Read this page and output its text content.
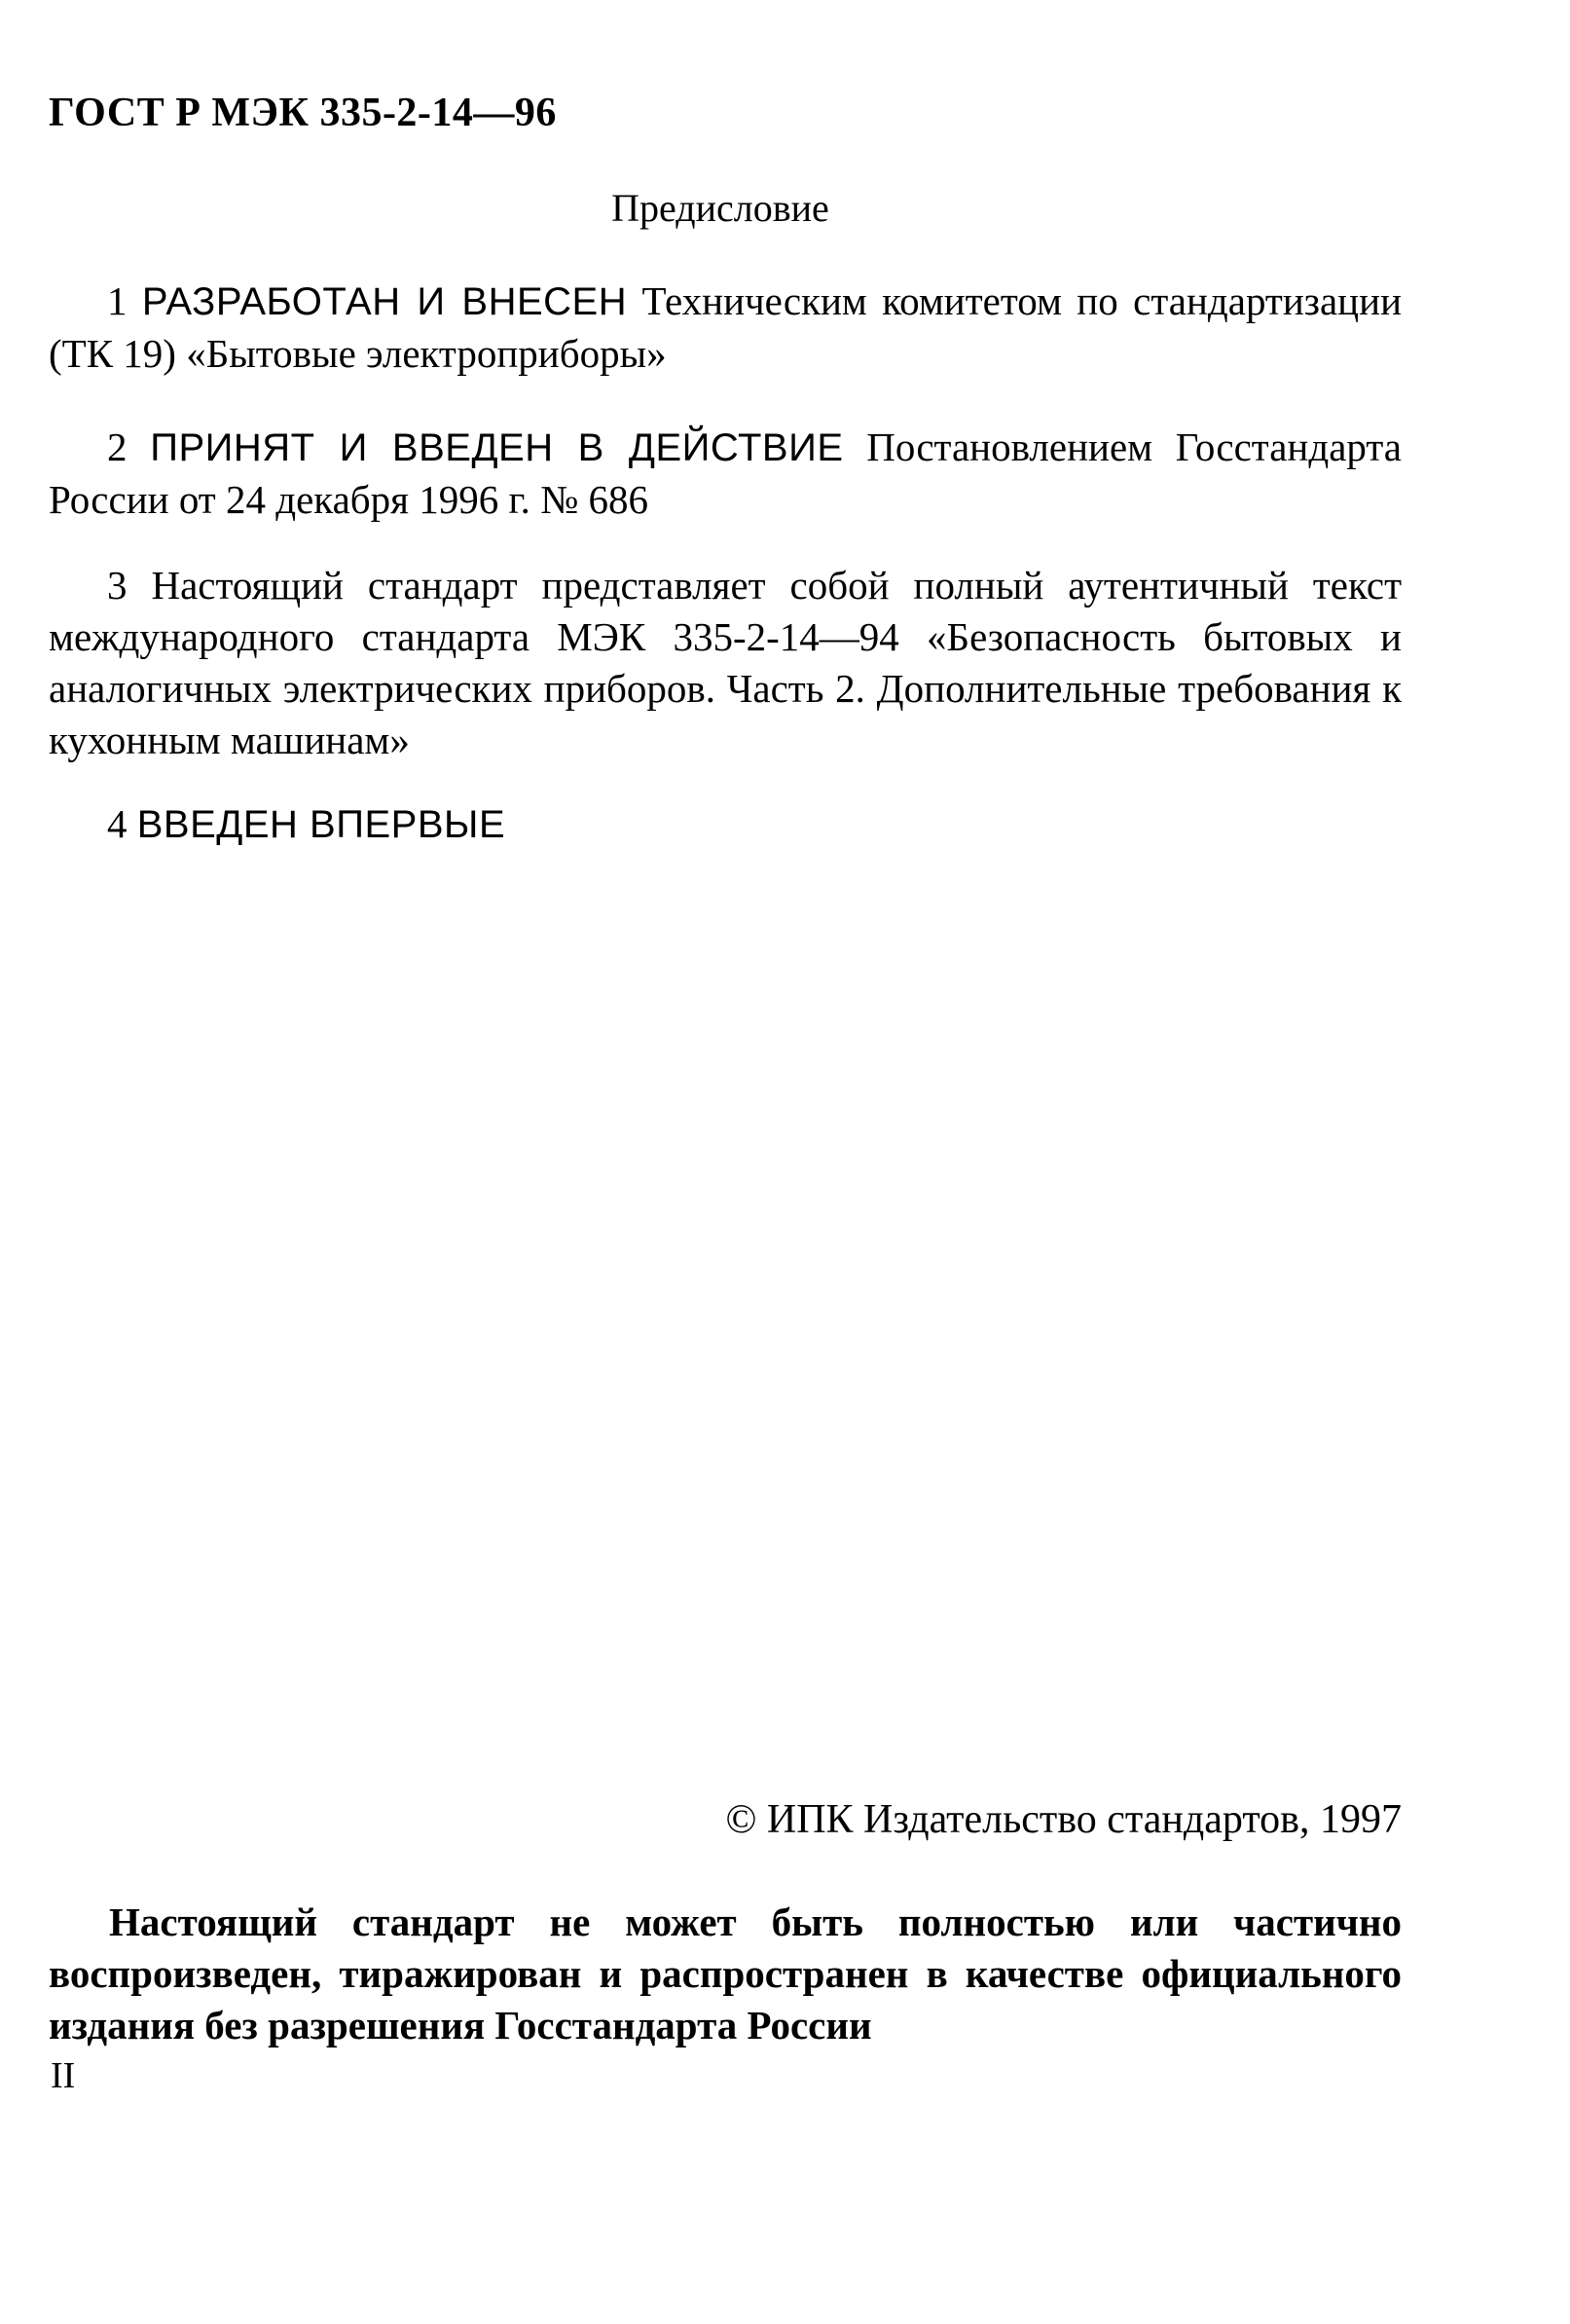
ГОСТ Р МЭК 335-2-14—96
Предисловие
1 РАЗРАБОТАН И ВНЕСЕН Техническим комитетом по стандартизации (ТК 19) «Бытовые электроприборы»
2 ПРИНЯТ И ВВЕДЕН В ДЕЙСТВИЕ Постановлением Госстандарта России от 24 декабря 1996 г. № 686
3 Настоящий стандарт представляет собой полный аутентичный текст международного стандарта МЭК 335-2-14—94 «Безопасность бытовых и аналогичных электрических приборов. Часть 2. Дополнительные требования к кухонным машинам»
4 ВВЕДЕН ВПЕРВЫЕ
© ИПК Издательство стандартов, 1997
Настоящий стандарт не может быть полностью или частично воспроизведен, тиражирован и распространен в качестве официального издания без разрешения Госстандарта России
II
